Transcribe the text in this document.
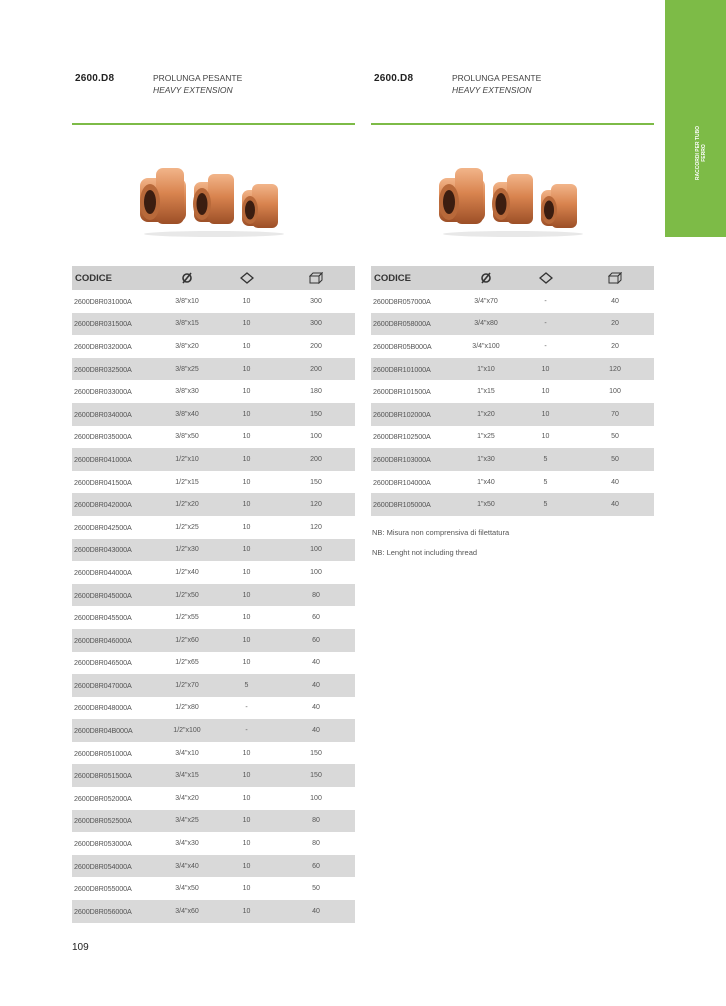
RACCORDI PER TUBO FERRO
2600.D8	PROLUNGA PESANTE
HEAVY EXTENSION
CODICE			
2600D8R031000A	3/8"x10	10	300
2600D8R031500A	3/8"x15	10	300
2600D8R032000A	3/8"x20	10	200
2600D8R032500A	3/8"x25	10	200
2600D8R033000A	3/8"x30	10	180
2600D8R034000A	3/8"x40	10	150
2600D8R035000A	3/8"x50	10	100
2600D8R041000A	1/2"x10	10	200
2600D8R041500A	1/2"x15	10	150
2600D8R042000A	1/2"x20	10	120
2600D8R042500A	1/2"x25	10	120
2600D8R043000A	1/2"x30	10	100
2600D8R044000A	1/2"x40	10	100
2600D8R045000A	1/2"x50	10	80
2600D8R045500A	1/2"x55	10	60
2600D8R046000A	1/2"x60	10	60
2600D8R046500A	1/2"x65	10	40
2600D8R047000A	1/2"x70	5	40
2600D8R048000A	1/2"x80	-	40
2600D8R04B000A	1/2"x100	-	40
2600D8R051000A	3/4"x10	10	150
2600D8R051500A	3/4"x15	10	150
2600D8R052000A	3/4"x20	10	100
2600D8R052500A	3/4"x25	10	80
2600D8R053000A	3/4"x30	10	80
2600D8R054000A	3/4"x40	10	60
2600D8R055000A	3/4"x50	10	50
2600D8R056000A	3/4"x60	10	40
2600.D8	PROLUNGA PESANTE
HEAVY EXTENSION
CODICE			
2600D8R057000A	3/4"x70	-	40
2600D8R058000A	3/4"x80	-	20
2600D8R05B000A	3/4"x100	-	20
2600D8R101000A	1"x10	10	120
2600D8R101500A	1"x15	10	100
2600D8R102000A	1"x20	10	70
2600D8R102500A	1"x25	10	50
2600D8R103000A	1"x30	5	50
2600D8R104000A	1"x40	5	40
2600D8R105000A	1"x50	5	40
NB: Misura non comprensiva di filettatura
NB: Lenght not including thread
109
